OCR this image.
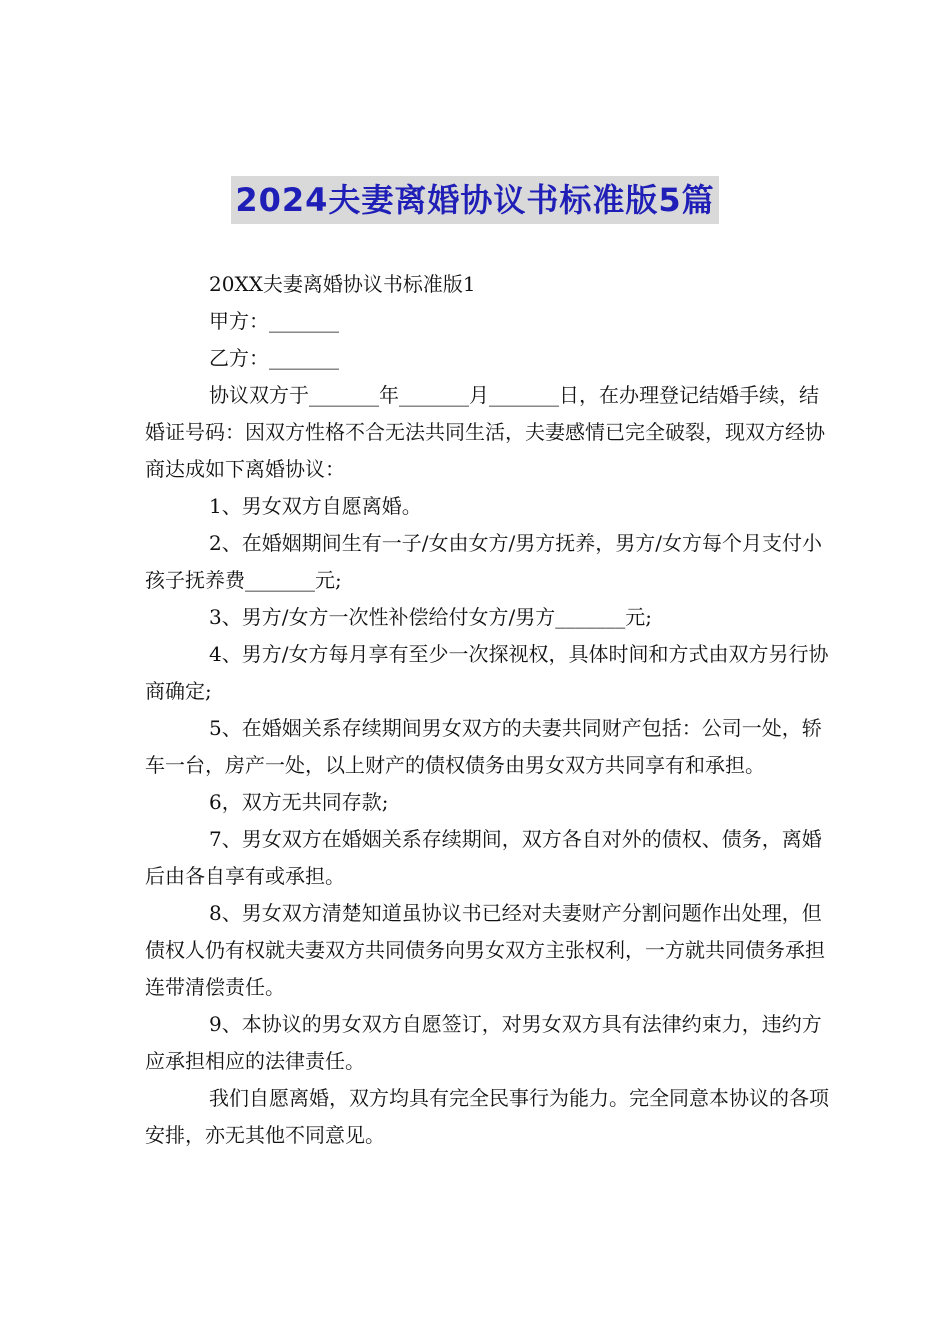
2024夫妻离婚协议书标准版5篇

20XX夫妻离婚协议书标准版1

甲方：_______

乙方：_______

协议双方于_______年_______月_______日，在办理登记结婚手续，结婚证号码：因双方性格不合无法共同生活，夫妻感情已完全破裂，现双方经协商达成如下离婚协议：

1、男女双方自愿离婚。

2、在婚姻期间生有一子/女由女方/男方抚养，男方/女方每个月支付小孩子抚养费_______元;

3、男方/女方一次性补偿给付女方/男方_______元;

4、男方/女方每月享有至少一次探视权，具体时间和方式由双方另行协商确定;

5、在婚姻关系存续期间男女双方的夫妻共同财产包括：公司一处，轿车一台，房产一处，以上财产的债权债务由男女双方共同享有和承担。

6，双方无共同存款;

7、男女双方在婚姻关系存续期间，双方各自对外的债权、债务，离婚后由各自享有或承担。

8、男女双方清楚知道虽协议书已经对夫妻财产分割问题作出处理，但债权人仍有权就夫妻双方共同债务向男女双方主张权利，一方就共同债务承担连带清偿责任。

9、本协议的男女双方自愿签订，对男女双方具有法律约束力，违约方应承担相应的法律责任。

我们自愿离婚，双方均具有完全民事行为能力。完全同意本协议的各项安排，亦无其他不同意见。
